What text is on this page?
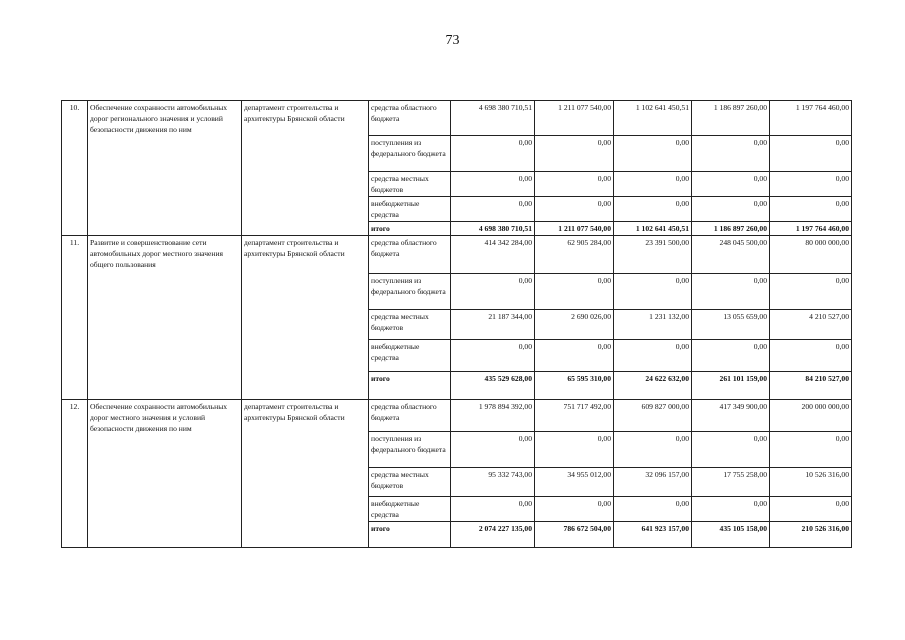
73
10.	Обеспечение сохранности автомобильных дорог регионального значения и условий безопасности движения по ним	департамент строительства и архитектуры Брянской области	средства областного бюджета	4 698 380 710,51	1 211 077 540,00	1 102 641 450,51	1 186 897 260,00	1 197 764 460,00
			поступления из федерального бюджета	0,00	0,00	0,00	0,00	0,00
			средства местных бюджетов	0,00	0,00	0,00	0,00	0,00
			внебюджетные средства	0,00	0,00	0,00	0,00	0,00
			итого	4 698 380 710,51	1 211 077 540,00	1 102 641 450,51	1 186 897 260,00	1 197 764 460,00
11.	Развитие и совершенствование сети автомобильных дорог местного значения общего пользования	департамент строительства и архитектуры Брянской области	средства областного бюджета	414 342 284,00	62 905 284,00	23 391 500,00	248 045 500,00	80 000 000,00
			поступления из федерального бюджета	0,00	0,00	0,00	0,00	0,00
			средства местных бюджетов	21 187 344,00	2 690 026,00	1 231 132,00	13 055 659,00	4 210 527,00
			внебюджетные средства	0,00	0,00	0,00	0,00	0,00
			итого	435 529 628,00	65 595 310,00	24 622 632,00	261 101 159,00	84 210 527,00
12.	Обеспечение сохранности автомобильных дорог местного значения и условий безопасности движения по ним	департамент строительства и архитектуры Брянской области	средства областного бюджета	1 978 894 392,00	751 717 492,00	609 827 000,00	417 349 900,00	200 000 000,00
			поступления из федерального бюджета	0,00	0,00	0,00	0,00	0,00
			средства местных бюджетов	95 332 743,00	34 955 012,00	32 096 157,00	17 755 258,00	10 526 316,00
			внебюджетные средства	0,00	0,00	0,00	0,00	0,00
			итого	2 074 227 135,00	786 672 504,00	641 923 157,00	435 105 158,00	210 526 316,00
